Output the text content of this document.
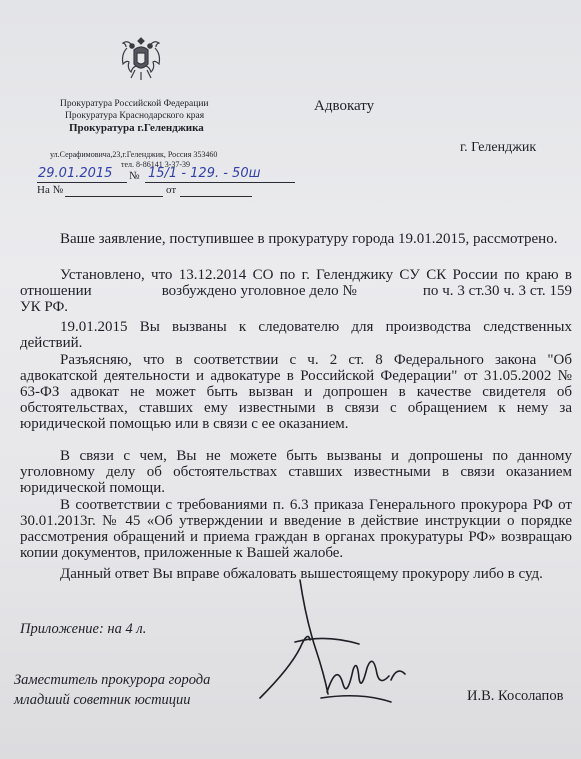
Прокуратура Российской Федерации
Прокуратура Краснодарского края
Прокуратура г.Геленджика
ул.Серафимовича,23,г.Геленджик, Россия 353460
тел. 8-86141 3-37-39
29.01.2015 № 15/1 - 129. - 50ш
На №	от
Адвокату
г. Геленджик

Ваше заявление, поступившее в прокуратуру города 19.01.2015, рассмотрено.

Установлено, что 13.12.2014 СО по г. Геленджику СУ СК России по краю в отношении	возбуждено уголовное дело №	по ч. 3 ст.30 ч. 3 ст. 159 УК РФ.

19.01.2015 Вы вызваны к следователю для производства следственных действий.

Разъясняю, что в соответствии с ч. 2 ст. 8 Федерального закона "Об адвокатской деятельности и адвокатуре в Российской Федерации" от 31.05.2002 № 63-ФЗ адвокат не может быть вызван и допрошен в качестве свидетеля об обстоятельствах, ставших ему известными в связи с обращением к нему за юридической помощью или в связи с ее оказанием.

В связи с чем, Вы не можете быть вызваны и допрошены по данному уголовному делу об обстоятельствах ставших известными в связи оказанием юридической помощи.

В соответствии с требованиями п. 6.3 приказа Генерального прокурора РФ от 30.01.2013г. № 45 «Об утверждении и введение в действие инструкции о порядке рассмотрения обращений и приема граждан в органах прокуратуры РФ» возвращаю копии документов, приложенные к Вашей жалобе.

Данный ответ Вы вправе обжаловать вышестоящему прокурору либо в суд.

Приложение: на 4 л.
Заместитель прокурора города
младший советник юстиции	И.В. Косолапов
